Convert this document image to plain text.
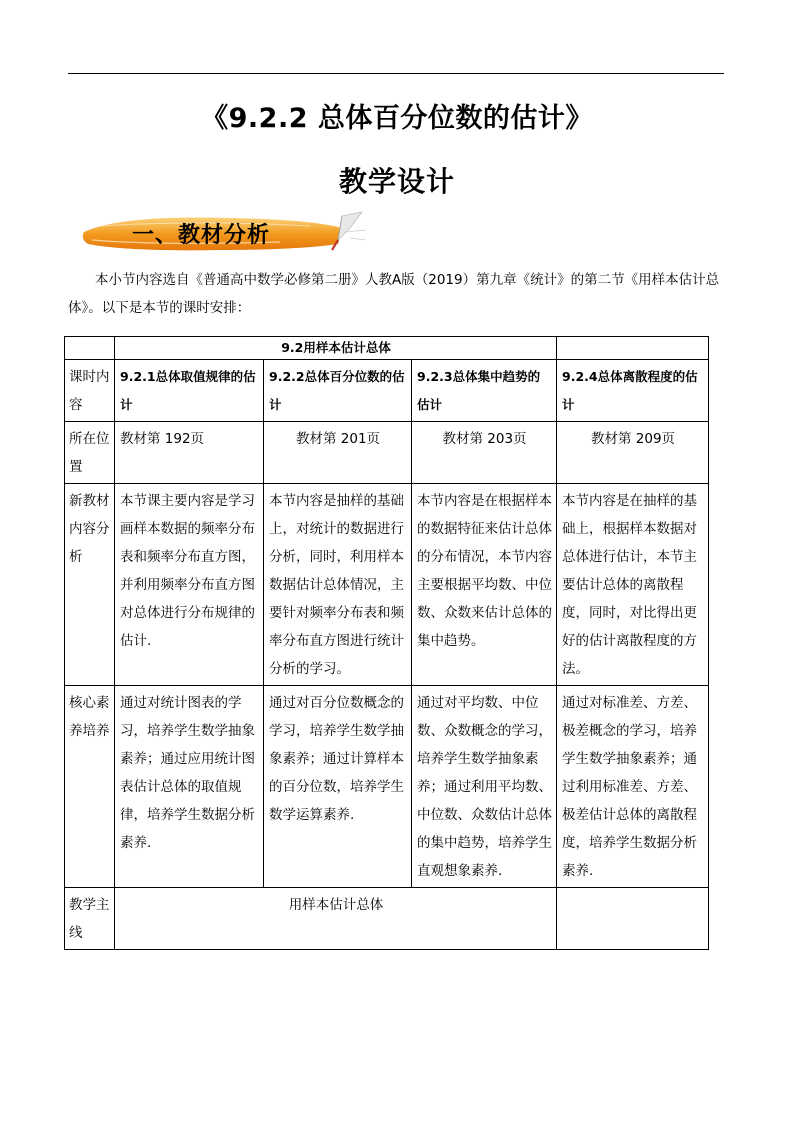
《9.2.2 总体百分位数的估计》
教学设计
一、教材分析
本小节内容选自《普通高中数学必修第二册》人教A版（2019）第九章《统计》的第二节《用样本估计总体》。以下是本节的课时安排：
	9.2用样本估计总体			
课时内容	9.2.1总体取值规律的估计	9.2.2总体百分位数的估计	9.2.3总体集中趋势的估计	9.2.4总体离散程度的估计
所在位置	教材第 192页	教材第 201页	教材第 203页	教材第 209页
新教材内容分析	本节课主要内容是学习画样本数据的频率分布表和频率分布直方图，并利用频率分布直方图对总体进行分布规律的估计.	本节内容是抽样的基础上，对统计的数据进行分析，同时，利用样本数据估计总体情况，主要针对频率分布表和频率分布直方图进行统计分析的学习。	本节内容是在根据样本的数据特征来估计总体的分布情况，本节内容主要根据平均数、中位数、众数来估计总体的集中趋势。	本节内容是在抽样的基础上，根据样本数据对总体进行估计，本节主要估计总体的离散程度，同时，对比得出更好的估计离散程度的方法。
核心素养培养	通过对统计图表的学习，培养学生数学抽象素养；通过应用统计图表估计总体的取值规律，培养学生数据分析素养.	通过对百分位数概念的学习，培养学生数学抽象素养；通过计算样本的百分位数，培养学生数学运算素养.	通过对平均数、中位数、众数概念的学习，培养学生数学抽象素养；通过利用平均数、中位数、众数估计总体的集中趋势，培养学生直观想象素养.	通过对标准差、方差、极差概念的学习，培养学生数学抽象素养；通过利用标准差、方差、极差估计总体的离散程度，培养学生数据分析素养.
教学主线	用样本估计总体			
